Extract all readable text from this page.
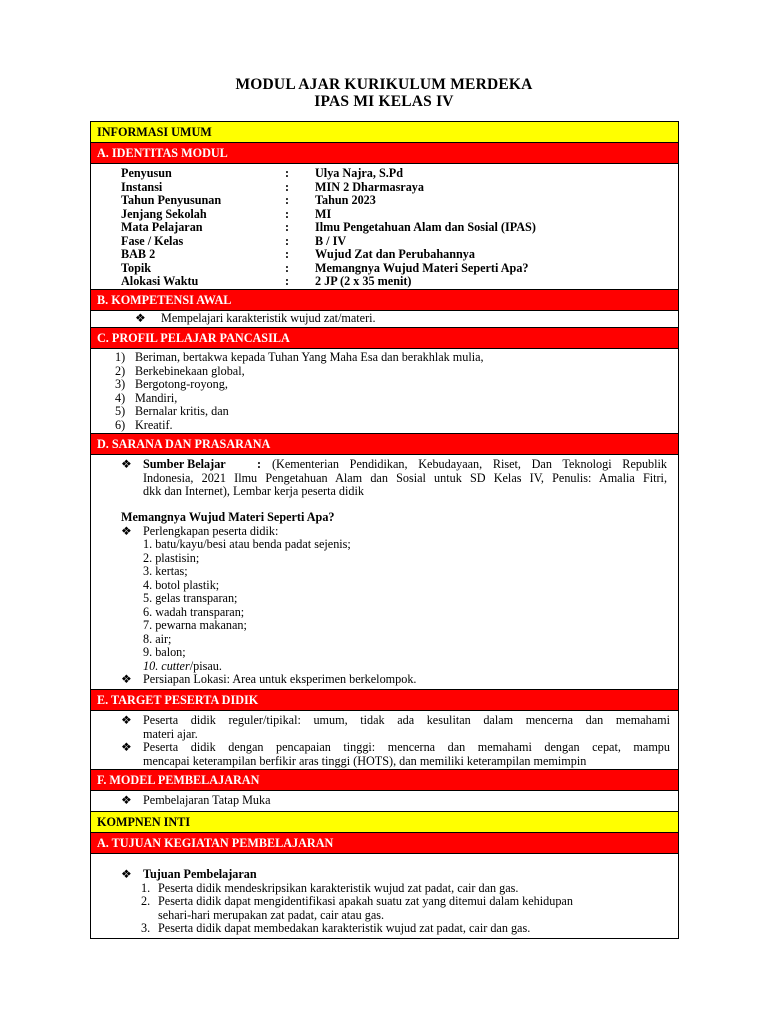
MODUL AJAR KURIKULUM MERDEKA
IPAS MI KELAS IV
INFORMASI UMUM
A. IDENTITAS MODUL
Penyusun	: Ulya Najra, S.Pd
Instansi	: MIN 2 Dharmasraya
Tahun Penyusunan	: Tahun 2023
Jenjang Sekolah	: MI
Mata Pelajaran	: Ilmu Pengetahuan Alam dan Sosial (IPAS)
Fase / Kelas	: B / IV
BAB 2	: Wujud Zat dan Perubahannya
Topik	: Memangnya Wujud Materi Seperti Apa?
Alokasi Waktu	: 2 JP (2 x 35 menit)
B. KOMPETENSI AWAL
❖ Mempelajari karakteristik wujud zat/materi.
C. PROFIL PELAJAR PANCASILA
1) Beriman, bertakwa kepada Tuhan Yang Maha Esa dan berakhlak mulia,
2) Berkebinekaan global,
3) Bergotong-royong,
4) Mandiri,
5) Bernalar kritis, dan
6) Kreatif.
D. SARANA DAN PRASARANA
❖ Sumber Belajar	: (Kementerian Pendidikan, Kebudayaan, Riset, Dan Teknologi Republik
Indonesia, 2021 Ilmu Pengetahuan Alam dan Sosial untuk SD Kelas IV, Penulis: Amalia Fitri,
dkk dan Internet), Lembar kerja peserta didik
Memangnya Wujud Materi Seperti Apa?
❖ Perlengkapan peserta didik:
1. batu/kayu/besi atau benda padat sejenis;
2. plastisin;
3. kertas;
4. botol plastik;
5. gelas transparan;
6. wadah transparan;
7. pewarna makanan;
8. air;
9. balon;
10. cutter/pisau.
❖ Persiapan Lokasi: Area untuk eksperimen berkelompok.
E. TARGET PESERTA DIDIK
❖ Peserta didik reguler/tipikal: umum, tidak ada kesulitan dalam mencerna dan memahami
materi ajar.
❖ Peserta didik dengan pencapaian tinggi: mencerna dan memahami dengan cepat, mampu
mencapai keterampilan berfikir aras tinggi (HOTS), dan memiliki keterampilan memimpin
F. MODEL PEMBELAJARAN
❖ Pembelajaran Tatap Muka
KOMPNEN INTI
A. TUJUAN KEGIATAN PEMBELAJARAN
❖ Tujuan Pembelajaran
1. Peserta didik mendeskripsikan karakteristik wujud zat padat, cair dan gas.
2. Peserta didik dapat mengidentifikasi apakah suatu zat yang ditemui dalam kehidupan
sehari-hari merupakan zat padat, cair atau gas.
3. Peserta didik dapat membedakan karakteristik wujud zat padat, cair dan gas.
